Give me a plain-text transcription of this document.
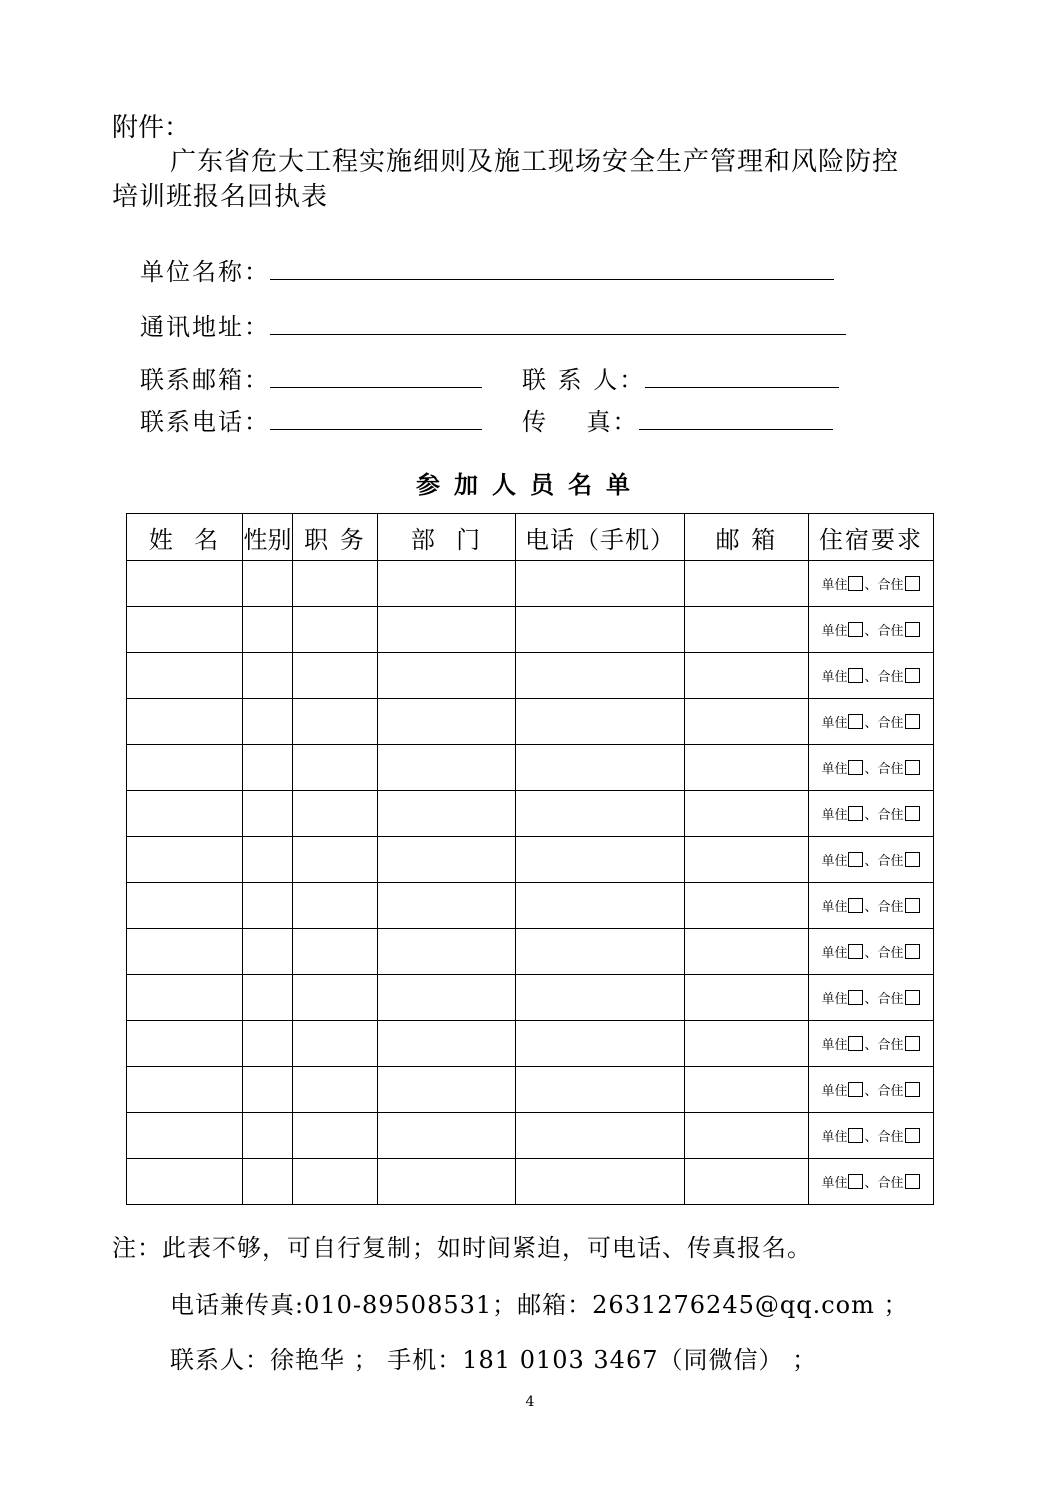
附件：
广东省危大工程实施细则及施工现场安全生产管理和风险防控
培训班报名回执表
单位名称：
通讯地址：
联系邮箱：	联 系 人：
联系电话：	传    真：
参加人员名单
姓  名	性别	职 务	部  门	电话（手机）	邮 箱	住宿要求
						单住 、合住
						单住 、合住
						单住 、合住
						单住 、合住
						单住 、合住
						单住 、合住
						单住 、合住
						单住 、合住
						单住 、合住
						单住 、合住
						单住 、合住
						单住 、合住
						单住 、合住
						单住 、合住
注：此表不够，可自行复制；如时间紧迫，可电话、传真报名。
电话兼传真:010-89508531；邮箱：2631276245@qq.com ；
联系人：徐艳华 ； 手机：181 0103 3467（同微信） ；
4
